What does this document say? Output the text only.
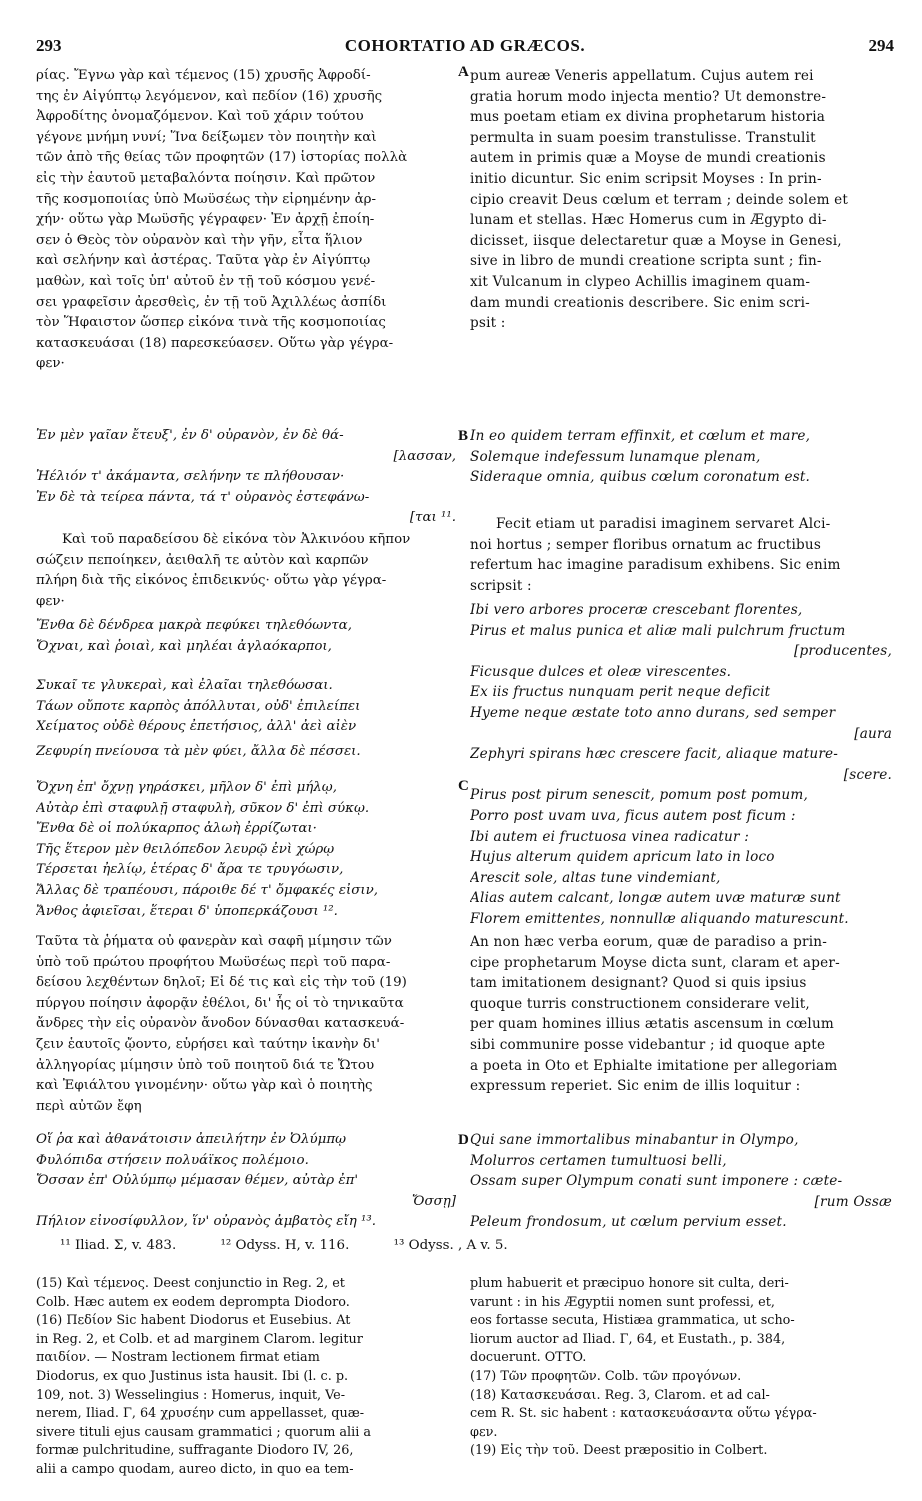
293	COHORTATIO AD GRÆCOS.	294
A
B
C
D
ρίας. Ἔγνω γὰρ καὶ τέμενος (15) χρυσῆς Ἀφροδί-
της ἐν Αἰγύπτῳ λεγόμενον, καὶ πεδίον (16) χρυσῆς
Ἀφροδίτης ὀνομαζόμενον. Καὶ τοῦ χάριν τούτου
γέγονε μνήμη νυνί; Ἵνα δείξωμεν τὸν ποιητὴν καὶ
τῶν ἀπὸ τῆς θείας τῶν προφητῶν (17) ἱστορίας πολλὰ
εἰς τὴν ἑαυτοῦ μεταβαλόντα ποίησιν. Καὶ πρῶτον
τῆς κοσμοποιίας ὑπὸ Μωϋσέως τὴν εἰρημένην ἀρ-
χήν· οὕτω γὰρ Μωϋσῆς γέγραφεν· Ἐν ἀρχῇ ἐποίη-
σεν ὁ Θεὸς τὸν οὐρανὸν καὶ τὴν γῆν, εἶτα ἥλιον
καὶ σελήνην καὶ ἀστέρας. Ταῦτα γὰρ ἐν Αἰγύπτῳ
μαθὼν, καὶ τοῖς ὑπ' αὐτοῦ ἐν τῇ τοῦ κόσμου γενέ-
σει γραφεῖσιν ἀρεσθεὶς, ἐν τῇ τοῦ Ἀχιλλέως ἀσπίδι
τὸν Ἥφαιστον ὥσπερ εἰκόνα τινὰ τῆς κοσμοποιίας
κατασκευάσαι (18) παρεσκεύασεν. Οὕτω γὰρ γέγρα-
φεν·
Ἐν μὲν γαῖαν ἔτευξ', ἐν δ' οὐρανὸν, ἐν δὲ θά-
[λασσαν,
Ἠέλιόν τ' ἀκάμαντα, σελήνην τε πλήθουσαν·
Ἐν δὲ τὰ τείρεα πάντα, τά τ' οὐρανὸς ἐστεφάνω-
[ται ¹¹.
Καὶ τοῦ παραδείσου δὲ εἰκόνα τὸν Ἀλκινόου κῆπον
σώζειν πεποίηκεν, ἀειθαλῆ τε αὐτὸν καὶ καρπῶν
πλήρη διὰ τῆς εἰκόνος ἐπιδεικνύς· οὕτω γὰρ γέγρα-
φεν·
Ἔνθα δὲ δένδρεα μακρὰ πεφύκει τηλεθόωντα,
Ὄχναι, καὶ ῥοιαὶ, καὶ μηλέαι ἀγλαόκαρποι,
Συκαῖ τε γλυκεραὶ, καὶ ἐλαῖαι τηλεθόωσαι.
Τάων οὔποτε καρπὸς ἀπόλλυται, οὐδ' ἐπιλείπει
Χείματος οὐδὲ θέρους ἐπετήσιος, ἀλλ' ἀεὶ αἰὲν
Ζεφυρίη πνείουσα τὰ μὲν φύει, ἄλλα δὲ πέσσει.
Ὄχνη ἐπ' ὄχνῃ γηράσκει, μῆλον δ' ἐπὶ μήλῳ,
Αὐτὰρ ἐπὶ σταφυλῇ σταφυλὴ, σῦκον δ' ἐπὶ σύκῳ.
Ἔνθα δὲ οἱ πολύκαρπος ἀλωὴ ἐρρίζωται·
Τῆς ἕτερον μὲν θειλόπεδον λευρῷ ἐνὶ χώρῳ
Τέρσεται ἠελίῳ, ἑτέρας δ' ἄρα τε τρυγόωσιν,
Ἄλλας δὲ τραπέουσι, πάροιθε δέ τ' ὄμφακές εἰσιν,
Ἄνθος ἀφιεῖσαι, ἕτεραι δ' ὑποπερκάζουσι ¹².
Ταῦτα τὰ ῥήματα οὐ φανερὰν καὶ σαφῆ μίμησιν τῶν
ὑπὸ τοῦ πρώτου προφήτου Μωϋσέως περὶ τοῦ παρα-
δείσου λεχθέντων δηλοῖ; Εἰ δέ τις καὶ εἰς τὴν τοῦ (19)
πύργου ποίησιν ἀφορᾷν ἐθέλοι, δι' ἧς οἱ τὸ τηνικαῦτα
ἄνδρες τὴν εἰς οὐρανὸν ἄνοδον δύνασθαι κατασκευά-
ζειν ἑαυτοῖς ᾤοντο, εὑρήσει καὶ ταύτην ἱκανὴν δι'
ἀλληγορίας μίμησιν ὑπὸ τοῦ ποιητοῦ διά τε Ὤτου
καὶ Ἐφιάλτου γινομένην· οὕτω γὰρ καὶ ὁ ποιητὴς
περὶ αὐτῶν ἔφη
Οἵ ῥα καὶ ἀθανάτοισιν ἀπειλήτην ἐν Ὀλύμπῳ
Φυλόπιδα στήσειν πολυάϊκος πολέμοιο.
Ὄσσαν ἐπ' Οὐλύμπῳ μέμασαν θέμεν, αὐτὰρ ἐπ'
Ὄσσῃ]
Πήλιον εἰνοσίφυλλον, ἵν' οὐρανὸς ἀμβατὸς εἴη ¹³.
pum aureæ Veneris appellatum. Cujus autem rei
gratia horum modo injecta mentio? Ut demonstre-
mus poetam etiam ex divina prophetarum historia
permulta in suam poesim transtulisse. Transtulit
autem in primis quæ a Moyse de mundi creationis
initio dicuntur. Sic enim scripsit Moyses : In prin-
cipio creavit Deus cœlum et terram ; deinde solem et
lunam et stellas. Hæc Homerus cum in Ægypto di-
dicisset, iisque delectaretur quæ a Moyse in Genesi,
sive in libro de mundi creatione scripta sunt ; fin-
xit Vulcanum in clypeo Achillis imaginem quam-
dam mundi creationis describere. Sic enim scri-
psit :
In eo quidem terram effinxit, et cœlum et mare,
Solemque indefessum lunamque plenam,
Sideraque omnia, quibus cœlum coronatum est.
Fecit etiam ut paradisi imaginem servaret Alci-
noi hortus ; semper floribus ornatum ac fructibus
refertum hac imagine paradisum exhibens. Sic enim
scripsit :
Ibi vero arbores proceræ crescebant florentes,
Pirus et malus punica et aliæ mali pulchrum fructum
[producentes,
Ficusque dulces et oleæ virescentes.
Ex iis fructus nunquam perit neque deficit
Hyeme neque æstate toto anno durans, sed semper
[aura
Zephyri spirans hæc crescere facit, aliaque mature-
[scere.
Pirus post pirum senescit, pomum post pomum,
Porro post uvam uva, ficus autem post ficum :
Ibi autem ei fructuosa vinea radicatur :
Hujus alterum quidem apricum lato in loco
Arescit sole, altas tune vindemiant,
Alias autem calcant, longæ autem uvæ maturæ sunt
Florem emittentes, nonnullæ aliquando maturescunt.
An non hæc verba eorum, quæ de paradiso a prin-
cipe prophetarum Moyse dicta sunt, claram et aper-
tam imitationem designant? Quod si quis ipsius
quoque turris constructionem considerare velit,
per quam homines illius ætatis ascensum in cœlum
sibi communire posse videbantur ; id quoque apte
a poeta in Oto et Ephialte imitatione per allegoriam
expressum reperiet. Sic enim de illis loquitur :
Qui sane immortalibus minabantur in Olympo,
Molurros certamen tumultuosi belli,
Ossam super Olympum conati sunt imponere : cæte-
[rum Ossæ
Peleum frondosum, ut cœlum pervium esset.
¹¹ Iliad. Σ, v. 483.	¹² Odyss. H, v. 116.	¹³ Odyss. , A v. 5.
(15) Καὶ τέμενος. Deest conjunctio in Reg. 2, et
Colb. Hæc autem ex eodem deprompta Diodoro.
(16) Πεδίον Sic habent Diodorus et Eusebius. At
in Reg. 2, et Colb. et ad marginem Clarom. legitur
παιδίον. — Nostram lectionem firmat etiam
Diodorus, ex quo Justinus ista hausit. Ibi (l. c. p.
109, not. 3) Wesselingius : Homerus, inquit, Ve-
nerem, Iliad. Γ, 64 χρυσέην cum appellasset, quæ-
sivere tituli ejus causam grammatici ; quorum alii a
formæ pulchritudine, suffragante Diodoro IV, 26,
alii a campo quodam, aureo dicto, in quo ea tem-
plum habuerit et præcipuo honore sit culta, deri-
varunt : in his Ægyptii nomen sunt professi, et,
eos fortasse secuta, Histiæa grammatica, ut scho-
liorum auctor ad Iliad. Γ, 64, et Eustath., p. 384,
docuerunt. OTTO.
(17) Τῶν προφητῶν. Colb. τῶν προγόνων.
(18) Κατασκευάσαι. Reg. 3, Clarom. et ad cal-
cem R. St. sic habent : κατασκευάσαντα οὕτω γέγρα-
φεν.
(19) Εἰς τὴν τοῦ. Deest præpositio in Colbert.
